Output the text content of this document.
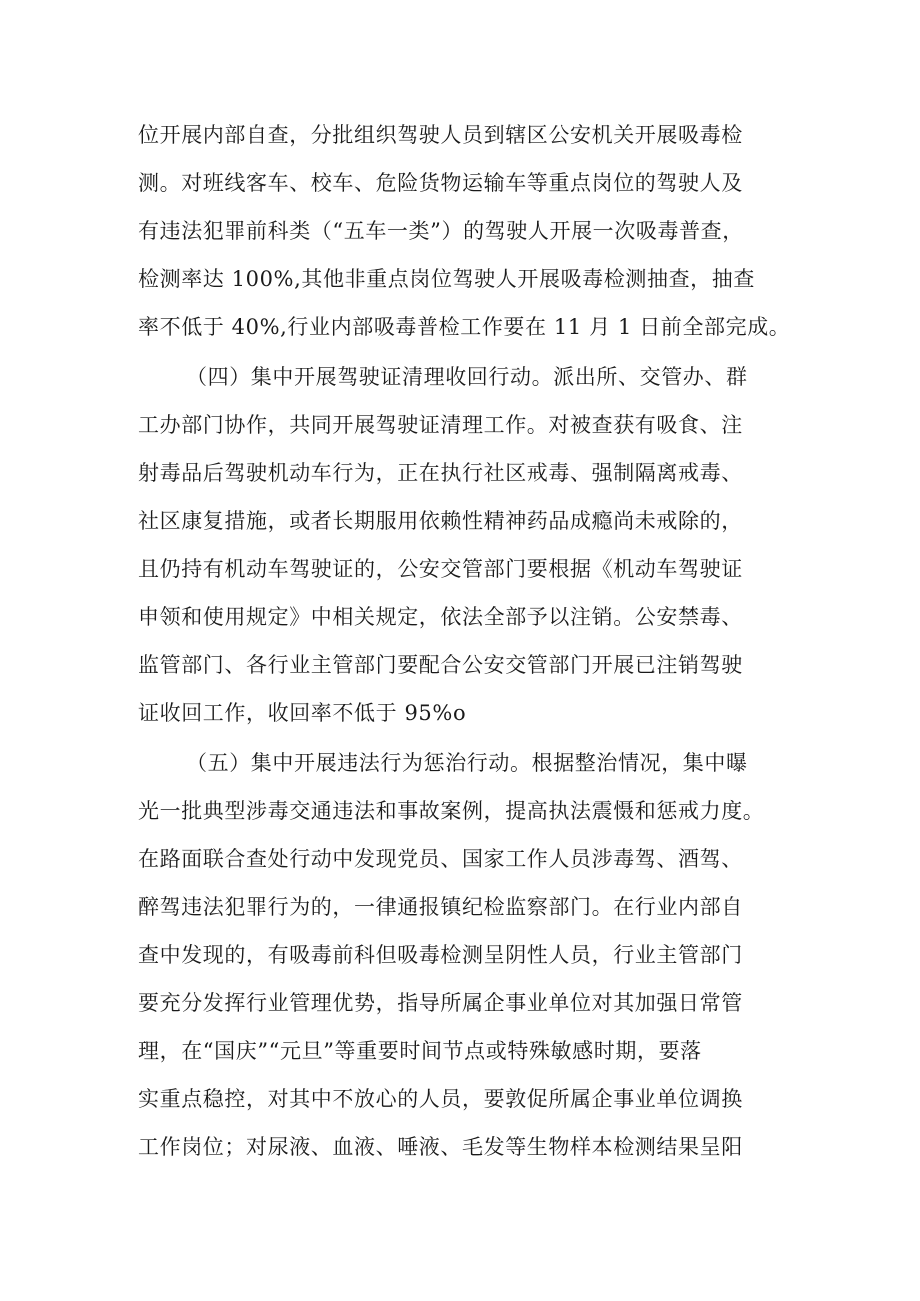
位开展内部自查，分批组织驾驶人员到辖区公安机关开展吸毒检
测。对班线客车、校车、危险货物运输车等重点岗位的驾驶人及
有违法犯罪前科类（“五车一类”）的驾驶人开展一次吸毒普查，
检测率达 100%,其他非重点岗位驾驶人开展吸毒检测抽查，抽查
率不低于 40%,行业内部吸毒普检工作要在 11 月 1 日前全部完成。
（四）集中开展驾驶证清理收回行动。派出所、交管办、群
工办部门协作，共同开展驾驶证清理工作。对被查获有吸食、注
射毒品后驾驶机动车行为，正在执行社区戒毒、强制隔离戒毒、
社区康复措施，或者长期服用依赖性精神药品成瘾尚未戒除的，
且仍持有机动车驾驶证的，公安交管部门要根据《机动车驾驶证
申领和使用规定》中相关规定，依法全部予以注销。公安禁毒、
监管部门、各行业主管部门要配合公安交管部门开展已注销驾驶
证收回工作，收回率不低于 95%o
（五）集中开展违法行为惩治行动。根据整治情况，集中曝
光一批典型涉毒交通违法和事故案例，提高执法震慑和惩戒力度。
在路面联合查处行动中发现党员、国家工作人员涉毒驾、酒驾、
醉驾违法犯罪行为的，一律通报镇纪检监察部门。在行业内部自
查中发现的，有吸毒前科但吸毒检测呈阴性人员，行业主管部门
要充分发挥行业管理优势，指导所属企事业单位对其加强日常管
理，在“国庆”“元旦”等重要时间节点或特殊敏感时期，要落
实重点稳控，对其中不放心的人员，要敦促所属企事业单位调换
工作岗位；对尿液、血液、唾液、毛发等生物样本检测结果呈阳
